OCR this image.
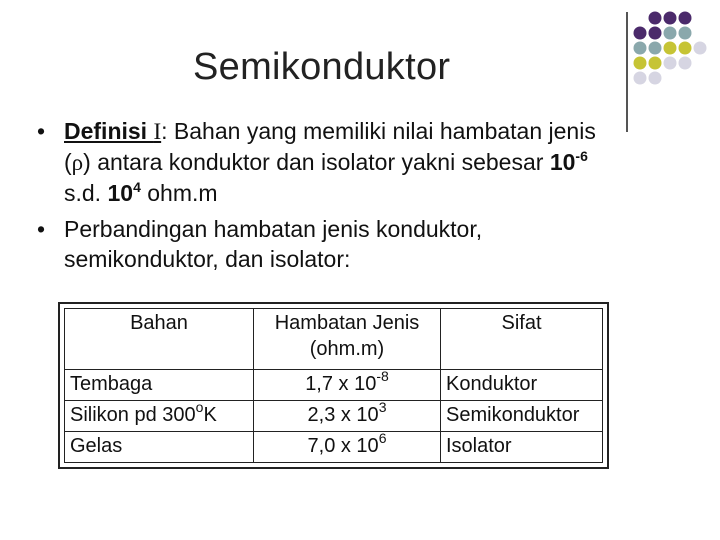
Semikonduktor
• Definisi I: Bahan yang memiliki nilai hambatan jenis (ρ) antara konduktor dan isolator yakni sebesar $10^{-6}$ s.d. $10^4$ ohm.m
• Perbandingan hambatan jenis konduktor, semikonduktor, dan isolator:
Bahan	Hambatan Jenis (ohm.m)	Sifat
Tembaga	1,7 x $10^{-8}$	Konduktor
Silikon pd 300$^o$K	2,3 x $10^3$	Semikonduktor
Gelas	7,0 x $10^6$	Isolator
